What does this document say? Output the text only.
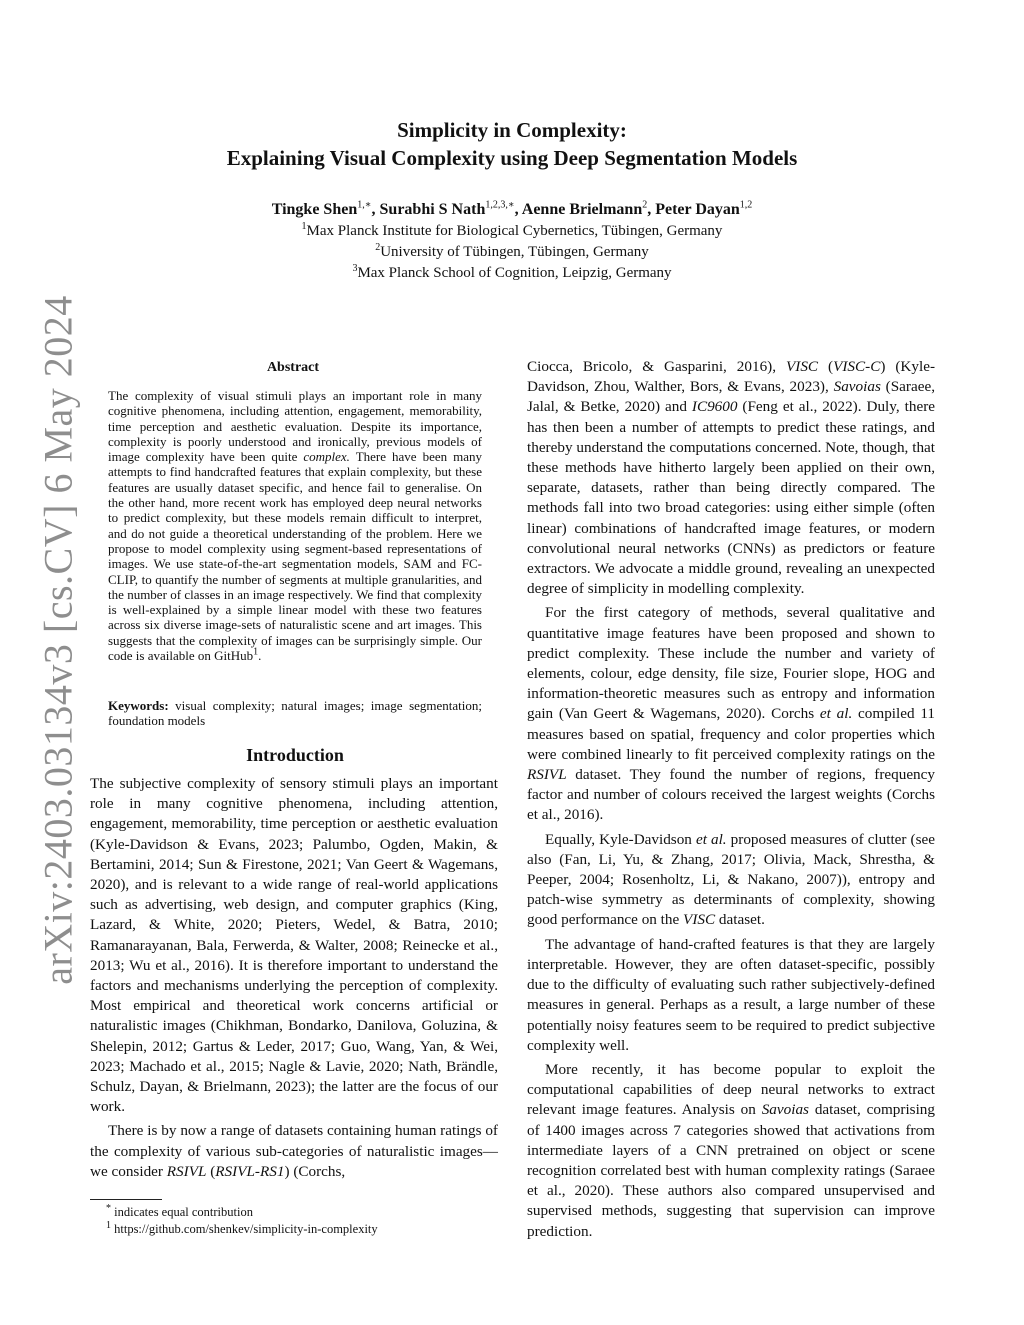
arXiv:2403.03134v3 [cs.CV] 6 May 2024
Simplicity in Complexity:
Explaining Visual Complexity using Deep Segmentation Models
Tingke Shen$^{1,∗}$, Surabhi S Nath$^{1,2,3,∗}$, Aenne Brielmann$^2$, Peter Dayan$^{1,2}$
$^1$Max Planck Institute for Biological Cybernetics, Tübingen, Germany
$^2$University of Tübingen, Tübingen, Germany
$^3$Max Planck School of Cognition, Leipzig, Germany
Abstract

The complexity of visual stimuli plays an important role in many cognitive phenomena, including attention, engagement, memorability, time perception and aesthetic evaluation. Despite its importance, complexity is poorly understood and ironically, previous models of image complexity have been quite complex. There have been many attempts to find handcrafted features that explain complexity, but these features are usually dataset specific, and hence fail to generalise. On the other hand, more recent work has employed deep neural networks to predict complexity, but these models remain difficult to interpret, and do not guide a theoretical understanding of the problem. Here we propose to model complexity using segment-based representations of images. We use state-of-the-art segmentation models, SAM and FC-CLIP, to quantify the number of segments at multiple granularities, and the number of classes in an image respectively. We find that complexity is well-explained by a simple linear model with these two features across six diverse image-sets of naturalistic scene and art images. This suggests that the complexity of images can be surprisingly simple. Our code is available on GitHub$^1$.

Keywords: visual complexity; natural images; image segmentation; foundation models

Introduction

The subjective complexity of sensory stimuli plays an important role in many cognitive phenomena, including attention, engagement, memorability, time perception or aesthetic evaluation (Kyle-Davidson & Evans, 2023; Palumbo, Ogden, Makin, & Bertamini, 2014; Sun & Firestone, 2021; Van Geert & Wagemans, 2020), and is relevant to a wide range of real-world applications such as advertising, web design, and computer graphics (King, Lazard, & White, 2020; Pieters, Wedel, & Batra, 2010; Ramanarayanan, Bala, Ferwerda, & Walter, 2008; Reinecke et al., 2013; Wu et al., 2016). It is therefore important to understand the factors and mechanisms underlying the perception of complexity. Most empirical and theoretical work concerns artificial or naturalistic images (Chikhman, Bondarko, Danilova, Goluzina, & Shelepin, 2012; Gartus & Leder, 2017; Guo, Wang, Yan, & Wei, 2023; Machado et al., 2015; Nagle & Lavie, 2020; Nath, Brändle, Schulz, Dayan, & Brielmann, 2023); the latter are the focus of our work.

There is by now a range of datasets containing human ratings of the complexity of various sub-categories of naturalistic images—we consider RSIVL (RSIVL-RS1) (Corchs,

Ciocca, Bricolo, & Gasparini, 2016), VISC (VISC-C) (Kyle-Davidson, Zhou, Walther, Bors, & Evans, 2023), Savoias (Saraee, Jalal, & Betke, 2020) and IC9600 (Feng et al., 2022). Duly, there has then been a number of attempts to predict these ratings, and thereby understand the computations concerned. Note, though, that these methods have hitherto largely been applied on their own, separate, datasets, rather than being directly compared. The methods fall into two broad categories: using either simple (often linear) combinations of handcrafted image features, or modern convolutional neural networks (CNNs) as predictors or feature extractors. We advocate a middle ground, revealing an unexpected degree of simplicity in modelling complexity.

For the first category of methods, several qualitative and quantitative image features have been proposed and shown to predict complexity. These include the number and variety of elements, colour, edge density, file size, Fourier slope, HOG and information-theoretic measures such as entropy and information gain (Van Geert & Wagemans, 2020). Corchs et al. compiled 11 measures based on spatial, frequency and color properties which were combined linearly to fit perceived complexity ratings on the RSIVL dataset. They found the number of regions, frequency factor and number of colours received the largest weights (Corchs et al., 2016).

Equally, Kyle-Davidson et al. proposed measures of clutter (see also (Fan, Li, Yu, & Zhang, 2017; Olivia, Mack, Shrestha, & Peeper, 2004; Rosenholtz, Li, & Nakano, 2007)), entropy and patch-wise symmetry as determinants of complexity, showing good performance on the VISC dataset.

The advantage of hand-crafted features is that they are largely interpretable. However, they are often dataset-specific, possibly due to the difficulty of evaluating such rather subjectively-defined measures in general. Perhaps as a result, a large number of these potentially noisy features seem to be required to predict subjective complexity well.

More recently, it has become popular to exploit the computational capabilities of deep neural networks to extract relevant image features. Analysis on Savoias dataset, comprising of 1400 images across 7 categories showed that activations from intermediate layers of a CNN pretrained on object or scene recognition correlated best with human complexity ratings (Saraee et al., 2020). These authors also compared unsupervised and supervised methods, suggesting that supervision can improve prediction.

* indicates equal contribution
$^1$ https://github.com/shenkev/simplicity-in-complexity
